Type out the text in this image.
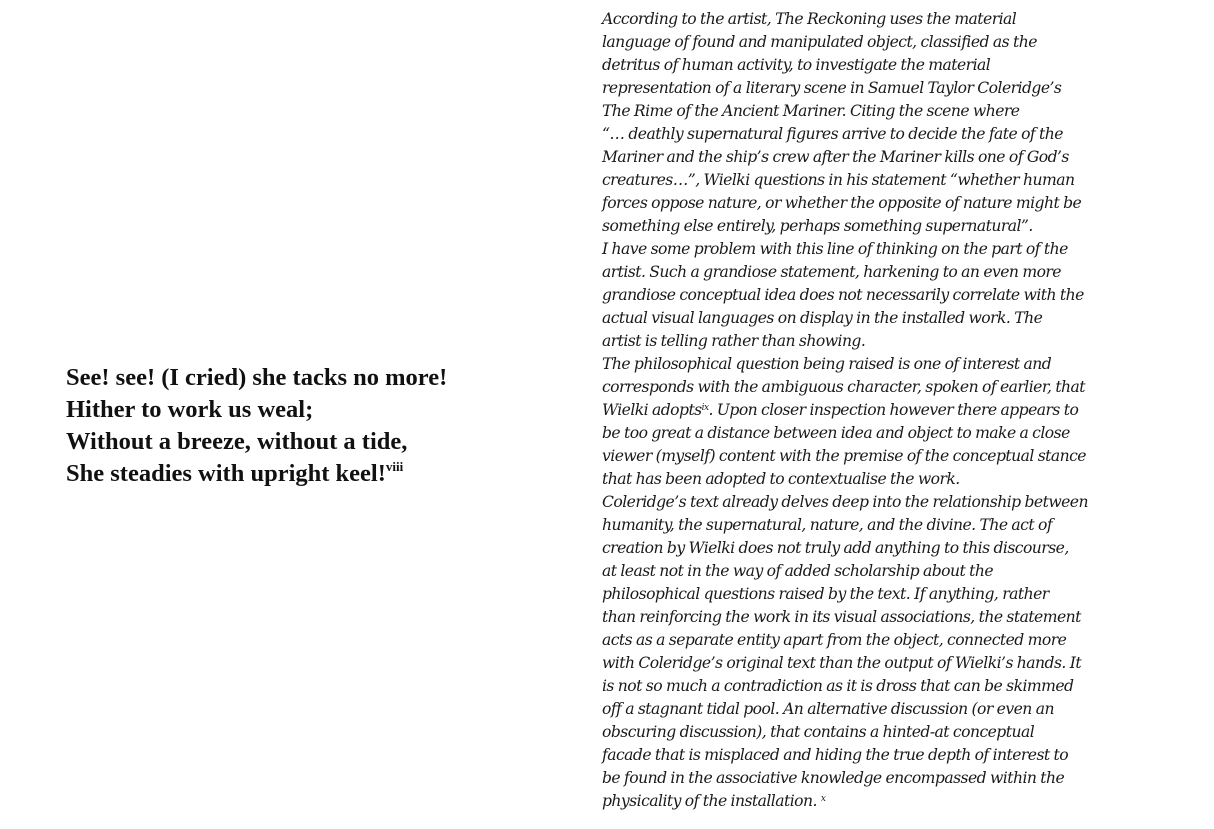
See! see! (I cried) she tacks no more!
Hither to work us weal;
Without a breeze, without a tide,
She steadies with upright keel!$^{viii}$
According to the artist, The Reckoning uses the material
language of found and manipulated object, classified as the
detritus of human activity, to investigate the material
representation of a literary scene in Samuel Taylor Coleridge’s
The Rime of the Ancient Mariner. Citing the scene where
“… deathly supernatural figures arrive to decide the fate of the
Mariner and the ship’s crew after the Mariner kills one of God’s
creatures…”, Wielki questions in his statement “whether human
forces oppose nature, or whether the opposite of nature might be
something else entirely, perhaps something supernatural”.
I have some problem with this line of thinking on the part of the
artist. Such a grandiose statement, harkening to an even more
grandiose conceptual idea does not necessarily correlate with the
actual visual languages on display in the installed work. The
artist is telling rather than showing.
The philosophical question being raised is one of interest and
corresponds with the ambiguous character, spoken of earlier, that
Wielki adopts$^{ix}$. Upon closer inspection however there appears to
be too great a distance between idea and object to make a close
viewer (myself) content with the premise of the conceptual stance
that has been adopted to contextualise the work.
Coleridge’s text already delves deep into the relationship between
humanity, the supernatural, nature, and the divine. The act of
creation by Wielki does not truly add anything to this discourse,
at least not in the way of added scholarship about the
philosophical questions raised by the text. If anything, rather
than reinforcing the work in its visual associations, the statement
acts as a separate entity apart from the object, connected more
with Coleridge’s original text than the output of Wielki’s hands. It
is not so much a contradiction as it is dross that can be skimmed
off a stagnant tidal pool. An alternative discussion (or even an
obscuring discussion), that contains a hinted-at conceptual
facade that is misplaced and hiding the true depth of interest to
be found in the associative knowledge encompassed within the
physicality of the installation. $^x$
